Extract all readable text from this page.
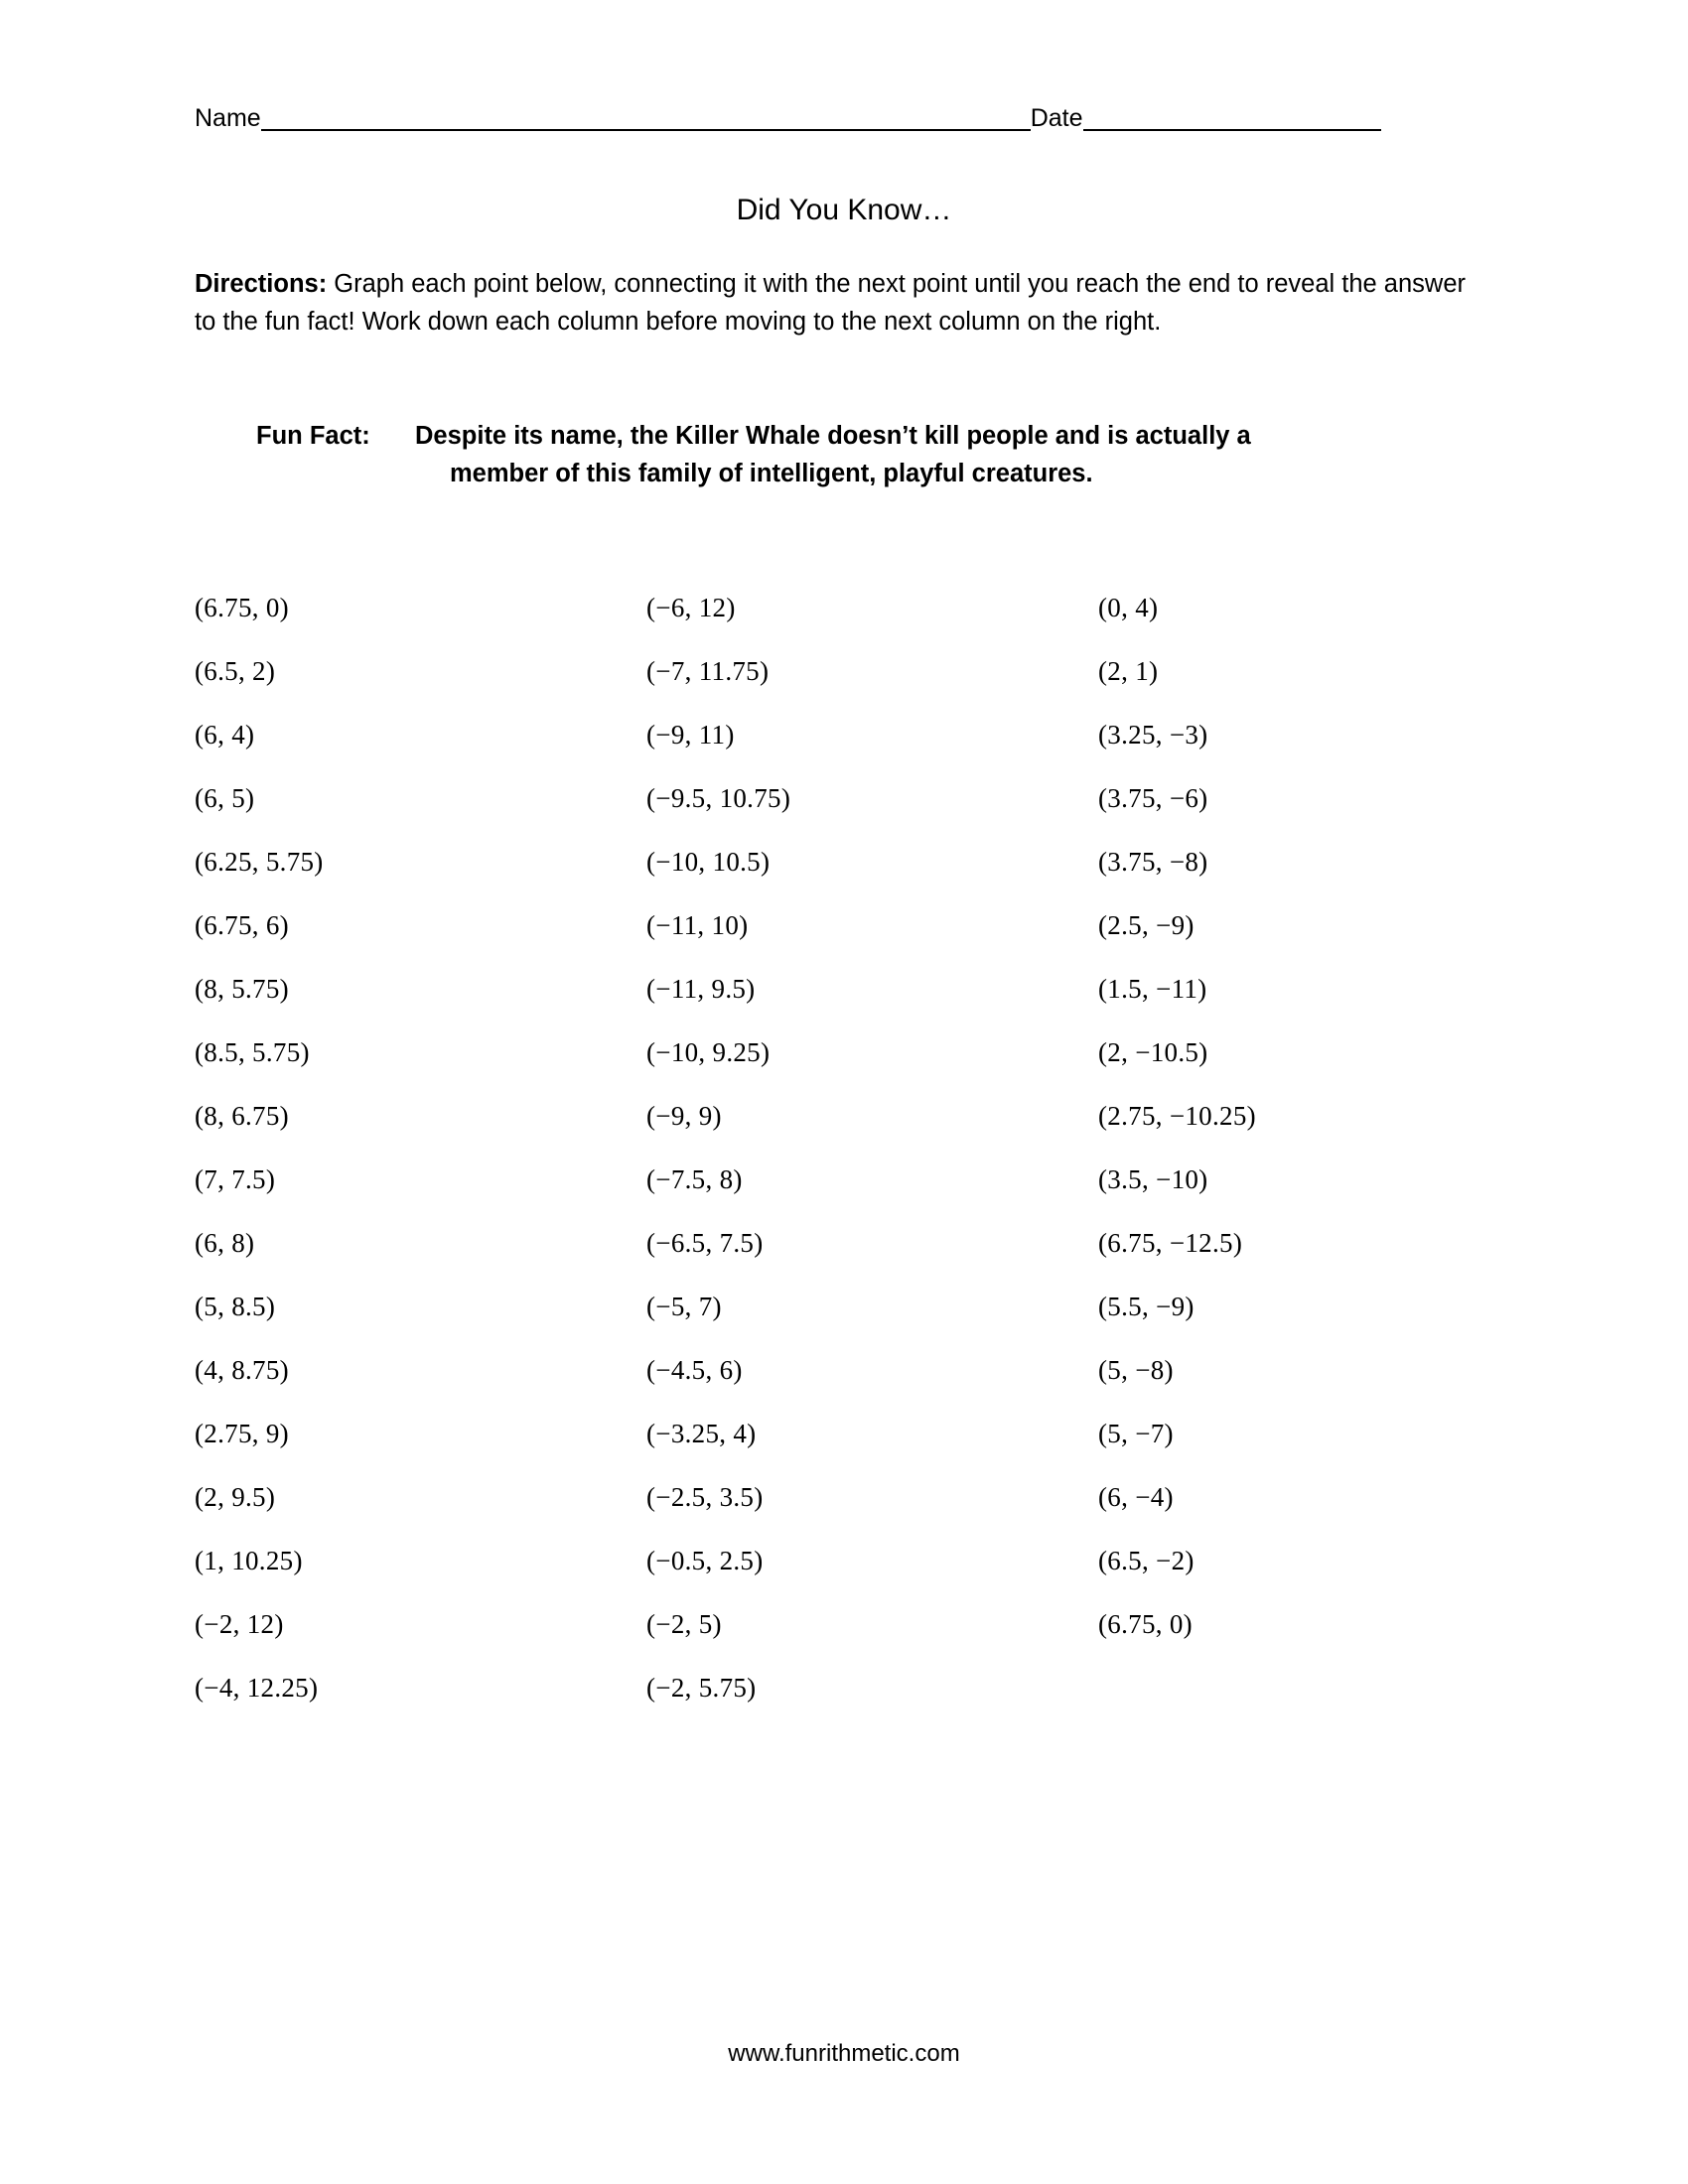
Name	Date
Did You Know…
Directions: Graph each point below, connecting it with the next point until you reach the end to reveal the answer to the fun fact! Work down each column before moving to the next column on the right.
Fun Fact: Despite its name, the Killer Whale doesn’t kill people and is actually a
member of this family of intelligent, playful creatures.
(6.75, 0)
(6.5, 2)
(6, 4)
(6, 5)
(6.25, 5.75)
(6.75, 6)
(8, 5.75)
(8.5, 5.75)
(8, 6.75)
(7, 7.5)
(6, 8)
(5, 8.5)
(4, 8.75)
(2.75, 9)
(2, 9.5)
(1, 10.25)
(−2, 12)
(−4, 12.25)
(−6, 12)
(−7, 11.75)
(−9, 11)
(−9.5, 10.75)
(−10, 10.5)
(−11, 10)
(−11, 9.5)
(−10, 9.25)
(−9, 9)
(−7.5, 8)
(−6.5, 7.5)
(−5, 7)
(−4.5, 6)
(−3.25, 4)
(−2.5, 3.5)
(−0.5, 2.5)
(−2, 5)
(−2, 5.75)
(0, 4)
(2, 1)
(3.25, −3)
(3.75, −6)
(3.75, −8)
(2.5, −9)
(1.5, −11)
(2, −10.5)
(2.75, −10.25)
(3.5, −10)
(6.75, −12.5)
(5.5, −9)
(5, −8)
(5, −7)
(6, −4)
(6.5, −2)
(6.75, 0)
www.funrithmetic.com
